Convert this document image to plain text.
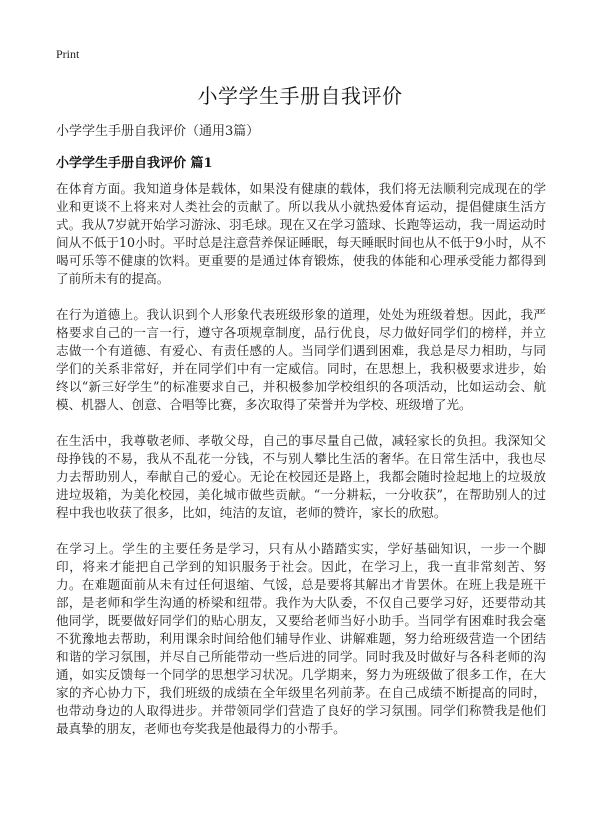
Print
小学学生手册自我评价
小学学生手册自我评价（通用3篇）
小学学生手册自我评价 篇1

在体育方面。我知道身体是载体，如果没有健康的载体，我们将无法顺利完成现在的学业和更谈不上将来对人类社会的贡献了。所以我从小就热爱体育运动，提倡健康生活方式。我从7岁就开始学习游泳、羽毛球。现在又在学习篮球、长跑等运动，我一周运动时间从不低于10小时。平时总是注意营养保证睡眠，每天睡眠时间也从不低于9小时，从不喝可乐等不健康的饮料。更重要的是通过体育锻炼，使我的体能和心理承受能力都得到了前所未有的提高。

在行为道德上。我认识到个人形象代表班级形象的道理，处处为班级着想。因此，我严格要求自己的一言一行，遵守各项规章制度，品行优良，尽力做好同学们的榜样，并立志做一个有道德、有爱心、有责任感的人。当同学们遇到困难，我总是尽力相助，与同学们的关系非常好，并在同学们中有一定威信。同时，在思想上，我积极要求进步，始终以“新三好学生”的标准要求自己，并积极参加学校组织的各项活动，比如运动会、航模、机器人、创意、合唱等比赛，多次取得了荣誉并为学校、班级增了光。

在生活中，我尊敬老师、孝敬父母，自己的事尽量自己做，减轻家长的负担。我深知父母挣钱的不易，我从不乱花一分钱，不与别人攀比生活的奢华。在日常生活中，我也尽力去帮助别人，奉献自己的爱心。无论在校园还是路上，我都会随时捡起地上的垃圾放进垃圾箱，为美化校园，美化城市做些贡献。“一分耕耘，一分收获”，在帮助别人的过程中我也收获了很多，比如，纯洁的友谊，老师的赞许，家长的欣慰。

在学习上。学生的主要任务是学习，只有从小踏踏实实，学好基础知识，一步一个脚印，将来才能把自己学到的知识服务于社会。因此，在学习上，我一直非常刻苦、努力。在难题面前从未有过任何退缩、气馁，总是要将其解出才肯罢休。在班上我是班干部，是老师和学生沟通的桥梁和纽带。我作为大队委，不仅自己要学习好，还要带动其他同学，既要做好同学们的贴心朋友，又要给老师当好小助手。当同学有困难时我会毫不犹豫地去帮助，利用课余时间给他们辅导作业、讲解难题，努力给班级营造一个团结和谐的学习氛围，并尽自己所能带动一些后进的同学。同时我及时做好与各科老师的沟通，如实反馈每一个同学的思想学习状况。几学期来，努力为班级做了很多工作，在大家的齐心协力下，我们班级的成绩在全年级里名列前茅。在自己成绩不断提高的同时，也带动身边的人取得进步。并带领同学们营造了良好的学习氛围。同学们称赞我是他们最真挚的朋友，老师也夸奖我是他最得力的小帮手。
